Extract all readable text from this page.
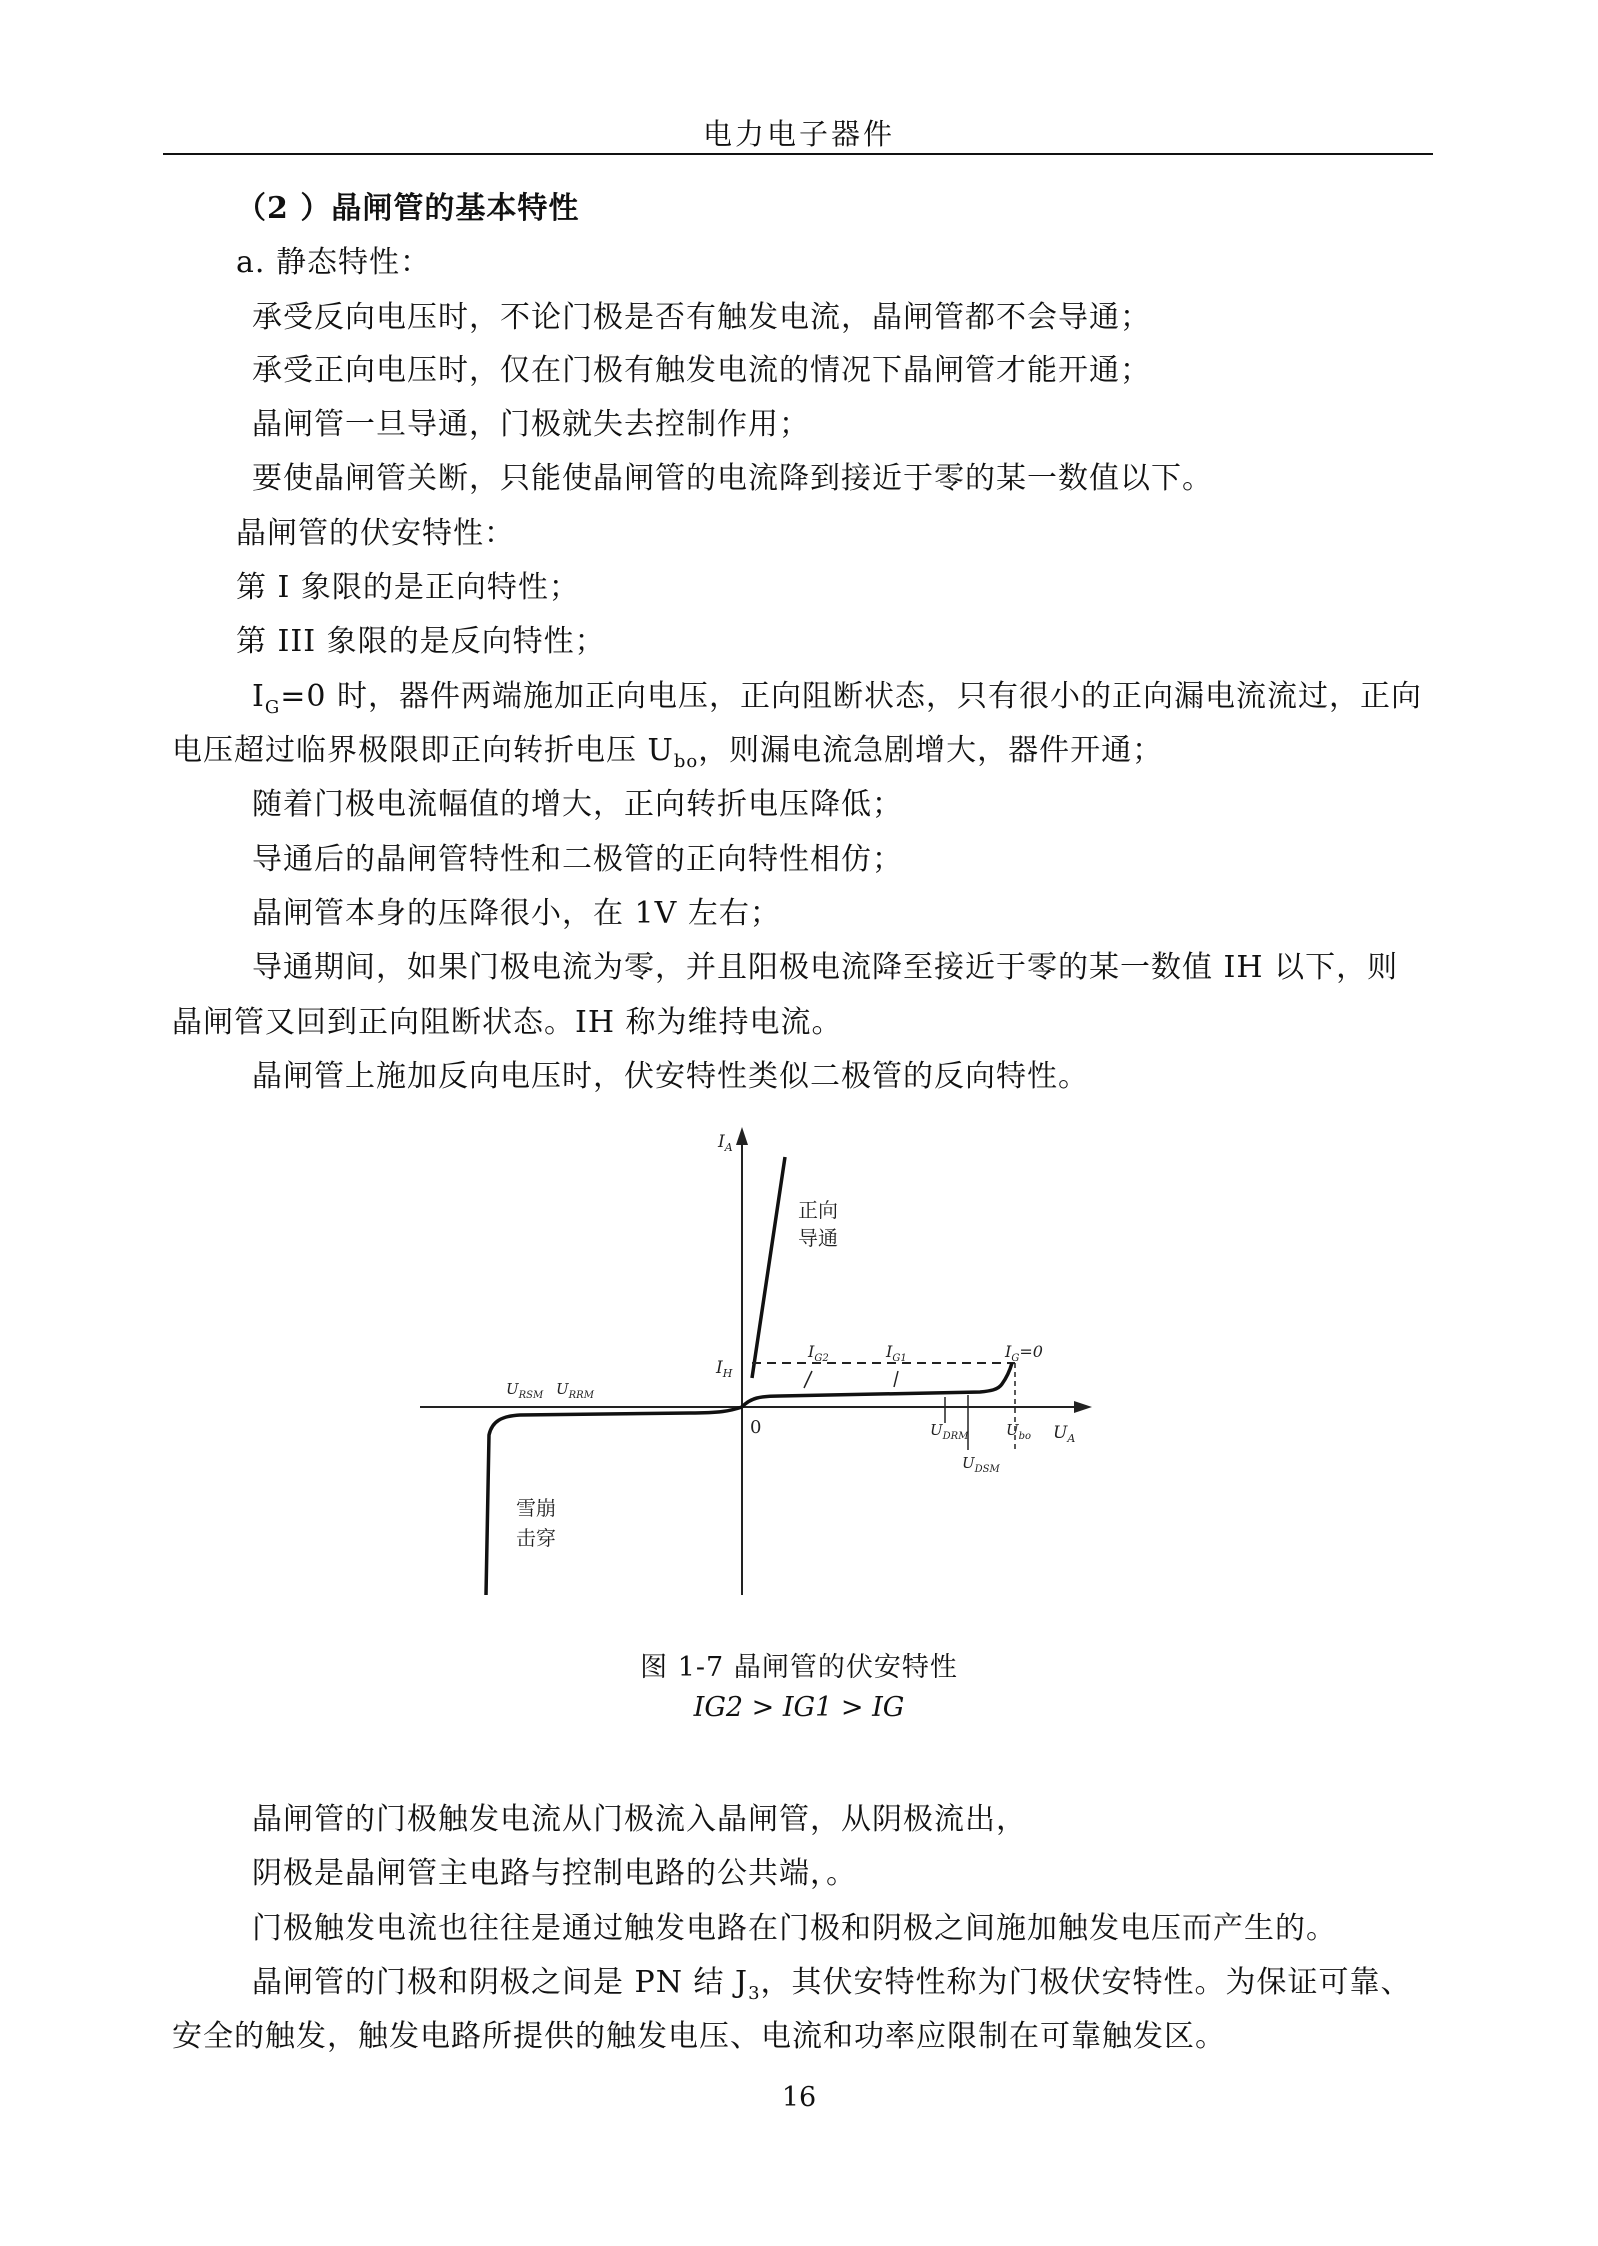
电力电子器件
（2 ）晶闸管的基本特性
a. 静态特性：
承受反向电压时，不论门极是否有触发电流，晶闸管都不会导通；
承受正向电压时，仅在门极有触发电流的情况下晶闸管才能开通；
晶闸管一旦导通，门极就失去控制作用；
要使晶闸管关断，只能使晶闸管的电流降到接近于零的某一数值以下。
晶闸管的伏安特性：
第 I 象限的是正向特性；
第 III 象限的是反向特性；
$I_G=0$ 时，器件两端施加正向电压，正向阻断状态，只有很小的正向漏电流流过，正向
电压超过临界极限即正向转折电压 $U_{bo}$，则漏电流急剧增大，器件开通；
随着门极电流幅值的增大，正向转折电压降低；
导通后的晶闸管特性和二极管的正向特性相仿；
晶闸管本身的压降很小，在 1V 左右；
导通期间，如果门极电流为零，并且阳极电流降至接近于零的某一数值 IH 以下，则
晶闸管又回到正向阻断状态。IH 称为维持电流。
晶闸管上施加反向电压时，伏安特性类似二极管的反向特性。
$I_A$
$U_A$
$I_H$
$I_{G2}$	$I_{G1}$	$I_G=0$
$U_{RSM}$ $U_{RRM}$
$U_{DRM}$	$U_{bo}$
$U_{DSM}$
0
正向
导通
雪崩
击穿
图 1-7 晶闸管的伏安特性
IG2 > IG1 > IG
晶闸管的门极触发电流从门极流入晶闸管，从阴极流出，
阴极是晶闸管主电路与控制电路的公共端，。
门极触发电流也往往是通过触发电路在门极和阴极之间施加触发电压而产生的。
晶闸管的门极和阴极之间是 PN 结 $J_3$，其伏安特性称为门极伏安特性。为保证可靠、
安全的触发，触发电路所提供的触发电压、电流和功率应限制在可靠触发区。
16
